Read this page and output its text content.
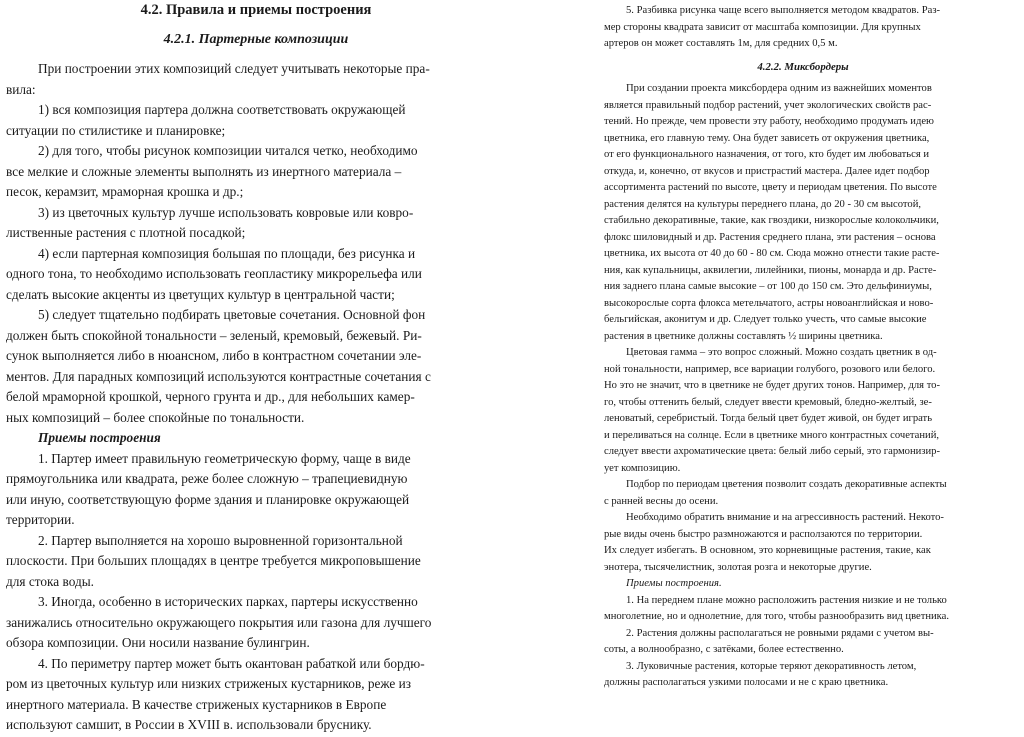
4.2. Правила и приемы построения
4.2.1. Партерные композиции

При построении этих композиций следует учитывать некоторые пра-

вила:

1) вся композиция партера должна соответствовать окружающей

ситуации по стилистике и планировке;

2) для того, чтобы рисунок композиции читался четко, необходимо

все мелкие и сложные элементы выполнять из инертного материала –

песок, керамзит, мраморная крошка и др.;

3) из цветочных культур лучше использовать ковровые или ковро-

лиственные растения с плотной посадкой;

4) если партерная композиция большая по площади, без рисунка и

одного тона, то необходимо использовать геопластику микрорельефа или

сделать высокие акценты из цветущих культур в центральной части;

5) следует тщательно подбирать цветовые сочетания. Основной фон

должен быть спокойной тональности – зеленый, кремовый, бежевый. Ри-

сунок выполняется либо в нюансном, либо в контрастном сочетании эле-

ментов. Для парадных композиций используются контрастные сочетания с

белой мраморной крошкой, черного грунта и др., для небольших камер-

ных композиций – более спокойные по тональности.

Приемы построения

1. Партер имеет правильную геометрическую форму, чаще в виде

прямоугольника или квадрата, реже более сложную – трапециевидную

или иную, соответствующую форме здания и планировке окружающей

территории.

2. Партер выполняется на хорошо выровненной горизонтальной

плоскости. При больших площадях в центре требуется микроповышение

для стока воды.

3. Иногда, особенно в исторических парках, партеры искусственно

занижались относительно окружающего покрытия или газона для лучшего

обзора композиции. Они носили название булингрин.

4. По периметру партер может быть окантован рабаткой или бордю-

ром из цветочных культур или низких стриженых кустарников, реже из

инертного материала. В качестве стриженых кустарников в Европе

используют самшит, в России в XVIII в. использовали бруснику.

5. Разбивка рисунка чаще всего выполняется методом квадратов. Раз-

мер стороны квадрата зависит от масштаба композиции. Для крупных

артеров он может составлять 1м, для средних 0,5 м.

4.2.2. Миксбордеры

При создании проекта миксбордера одним из важнейших моментов

является правильный подбор растений, учет экологических свойств рас-

тений. Но прежде, чем провести эту работу, необходимо продумать идею

цветника, его главную тему. Она будет зависеть от окружения цветника,

от его функционального назначения, от того, кто будет им любоваться и

откуда, и, конечно, от вкусов и пристрастий мастера. Далее идет подбор

ассортимента растений по высоте, цвету и периодам цветения. По высоте

растения делятся на культуры переднего плана, до 20 - 30 см высотой,

стабильно декоративные, такие, как гвоздики, низкорослые колокольчики,

флокс шиловидный и др. Растения среднего плана, эти растения – основа

цветника, их высота от 40 до 60 - 80 см. Сюда можно отнести такие расте-

ния, как купальницы, аквилегии, лилейники, пионы, монарда и др. Расте-

ния заднего плана самые высокие – от 100 до 150 см. Это дельфиниумы,

высокорослые сорта флокса метельчатого, астры новоанглийская и ново-

бельгийская, аконитум и др. Следует только учесть, что самые высокие

растения в цветнике должны составлять ½ ширины цветника.

Цветовая гамма – это вопрос сложный. Можно создать цветник в од-

ной тональности, например, все вариации голубого, розового или белого.

Но это не значит, что в цветнике не будет других тонов. Например, для то-

го, чтобы оттенить белый, следует ввести кремовый, бледно-желтый, зе-

леноватый, серебристый. Тогда белый цвет будет живой, он будет играть

и переливаться на солнце. Если в цветнике много контрастных сочетаний,

следует ввести ахроматические цвета: белый либо серый, это гармонизир-

ует композицию.

Подбор по периодам цветения позволит создать декоративные аспекты

с ранней весны до осени.

Необходимо обратить внимание и на агрессивность растений. Некото-

рые виды очень быстро размножаются и расползаются по территории.

Их следует избегать. В основном, это корневищные растения, такие, как

энотера, тысячелистник, золотая розга и некоторые другие.

Приемы построения.

1. На переднем плане можно расположить растения низкие и не только

многолетние, но и однолетние, для того, чтобы разнообразить вид цветника.

2. Растения должны располагаться не ровными рядами с учетом вы-

соты, а волнообразно, с затёками, более естественно.

3. Луковичные растения, которые теряют декоративность летом,

должны располагаться узкими полосами и не с краю цветника.
